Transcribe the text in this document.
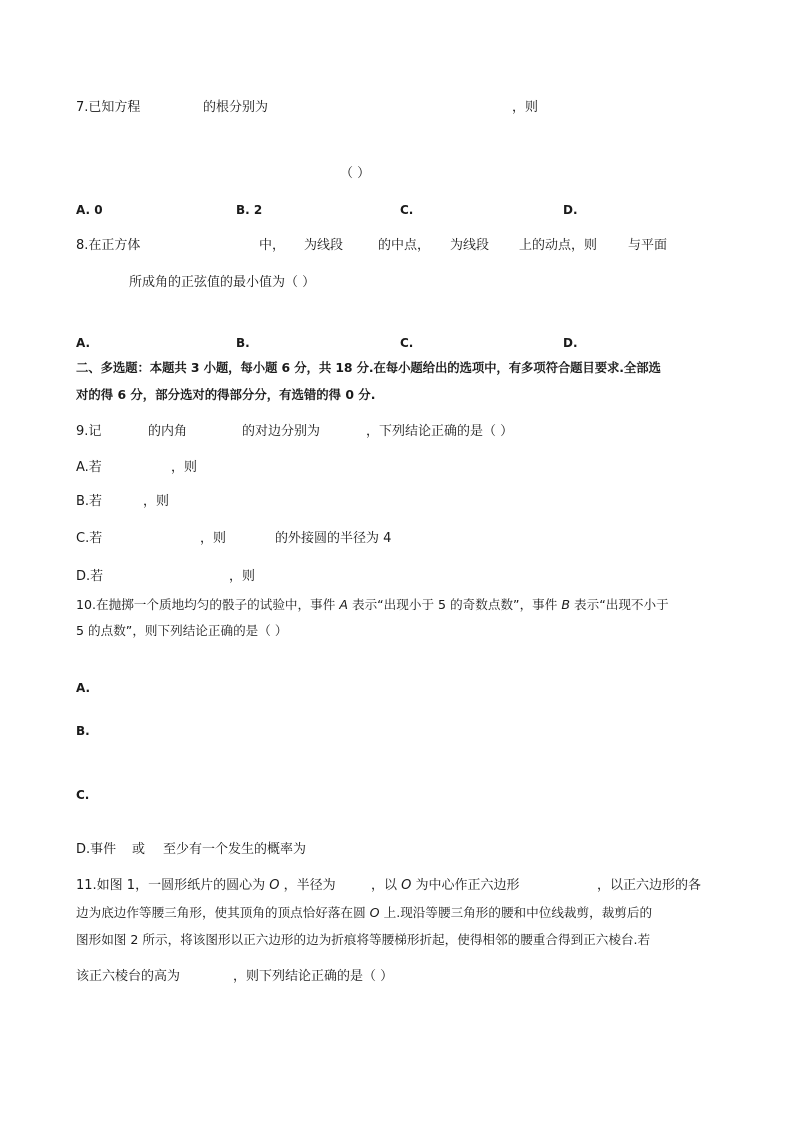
7.已知方程	的根分别为	，则
（ ）
A. 0	B. 2	C.	D.
8.在正方体	中， 为线段	的中点， 为线段 上的动点，则 与平面
所成角的正弦值的最小值为（ ）
A.	B.	C.	D.
二、多选题：本题共 3 小题，每小题 6 分，共 18 分.在每小题给出的选项中，有多项符合题目要求.全部选
对的得 6 分，部分选对的得部分分，有选错的得 0 分.
9.记	的内角	的对边分别为	，下列结论正确的是（ ）
A.若	，则
B.若	，则
C.若	，则	的外接圆的半径为 4
D.若	，则
10.在抛掷一个质地均匀的骰子的试验中，事件 A 表示“出现小于 5 的奇数点数”，事件 B 表示“出现不小于
5 的点数”，则下列结论正确的是（ ）
A.
B.
C.
D.事件 或 至少有一个发生的概率为
11.如图 1，一圆形纸片的圆心为 O ，半径为	，以 O 为中心作正六边形	，以正六边形的各
边为底边作等腰三角形，使其顶角的顶点恰好落在圆 O 上.现沿等腰三角形的腰和中位线裁剪，裁剪后的
图形如图 2 所示，将该图形以正六边形的边为折痕将等腰梯形折起，使得相邻的腰重合得到正六棱台.若
该正六棱台的高为	，则下列结论正确的是（ ）
